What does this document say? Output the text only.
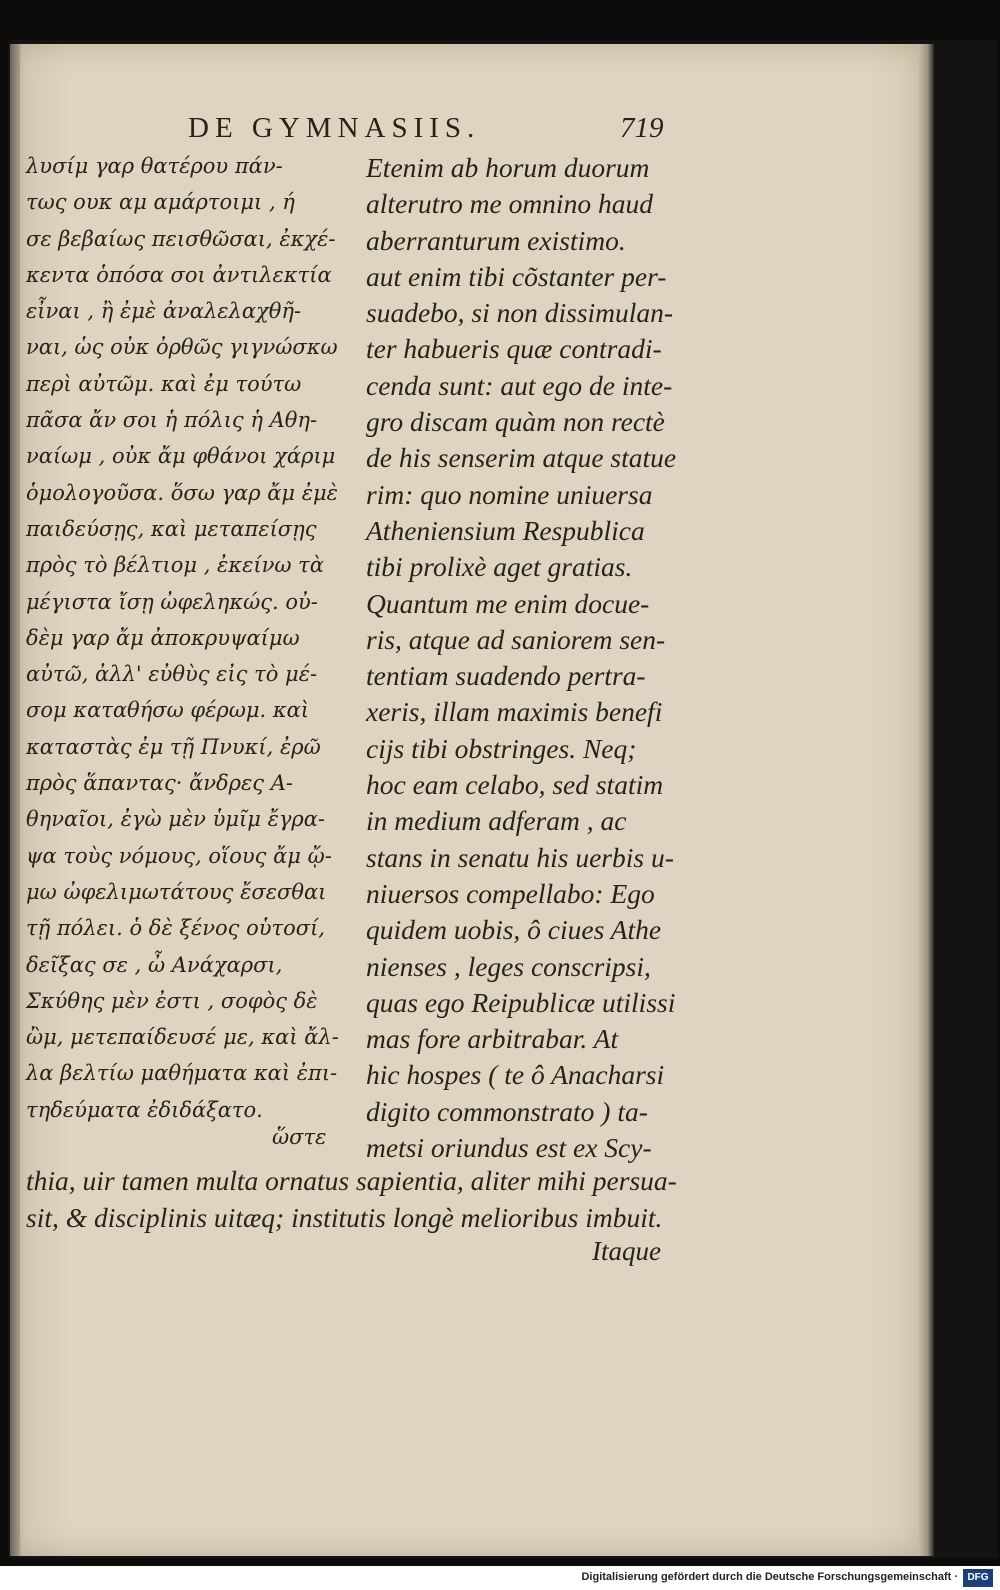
DE GYMNASIIS.	719
λυσίμ γαρ θατέρου πάν-
τως ουκ αμ αμάρτοιμι , ή
σε βεβαίως πεισθῶσαι, ἐκχέ-
κεντα ὁπόσα σοι ἀντιλεκτία
εἶναι , ἢ ἐμὲ ἀναλελαχθῆ-
ναι, ὡς οὐκ ὀρθῶς γιγνώσκω
περὶ αὐτῶμ. καὶ ἐμ τούτω
πᾶσα ἄν σοι ἡ πόλις ἡ Αθη-
ναίωμ , οὐκ ἄμ φθάνοι χάριμ
ὁμολογοῦσα. ὅσω γαρ ἄμ ἐμὲ
παιδεύσῃς, καὶ μεταπείσῃς
πρὸς τὸ βέλτιομ , ἐκείνω τὰ
μέγιστα ἴσῃ ὠφεληκώς. οὐ-
δὲμ γαρ ἄμ ἀποκρυψαίμω
αὐτῶ, ἀλλ' εὐθὺς εἰς τὸ μέ-
σομ καταθήσω φέρωμ. καὶ
καταστὰς ἐμ τῇ Πνυκί, ἐρῶ
πρὸς ἅπαντας· ἄνδρες Α-
θηναῖοι, ἐγὼ μὲν ὑμῖμ ἔγρα-
ψα τοὺς νόμους, οἵους ἄμ ᾤ-
μω ὠφελιμωτάτους ἔσεσθαι
τῇ πόλει. ὁ δὲ ξένος οὑτοσί,
δεῖξας σε , ὦ Ανάχαρσι,
Σκύθης μὲν ἐστι , σοφὸς δὲ
ὢμ, μετεπαίδευσέ με, καὶ ἄλ-
λα βελτίω μαθήματα καὶ ἐπι-
τηδεύματα ἐδιδάξατο.
Etenim ab horum duorum
alterutro me omnino haud
aberranturum existimo.
aut enim tibi cõstanter per-
suadebo, si non dissimulan-
ter habueris quæ contradi-
cenda sunt: aut ego de inte-
gro discam quàm non rectè
de his senserim atque statue
rim: quo nomine uniuersa
Atheniensium Respublica
tibi prolixè aget gratias.
Quantum me enim docue-
ris, atque ad saniorem sen-
tentiam suadendo pertra-
xeris, illam maximis benefi
cijs tibi obstringes. Neq;
hoc eam celabo, sed statim
in medium adferam , ac
stans in senatu his uerbis u-
niuersos compellabo: Ego
quidem uobis, ô ciues Athe
nienses , leges conscripsi,
quas ego Reipublicæ utilissi
mas fore arbitrabar. At
hic hospes ( te ô Anacharsi
digito commonstrato ) ta-
metsi oriundus est ex Scy-
ὥστε
thia, uir tamen multa ornatus sapientia, aliter mihi persua-
sit, & disciplinis uitæq; institutis longè melioribus imbuit.
Itaque
Digitalisierung gefördert durch die Deutsche Forschungsgemeinschaft · DFG
